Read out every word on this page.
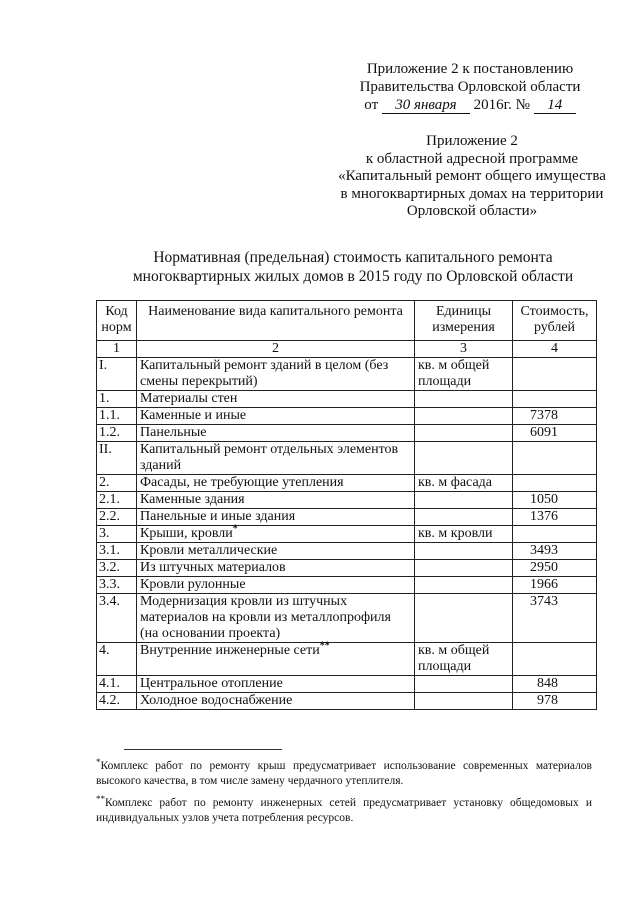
Приложение 2 к постановлению
Правительства Орловской области
от 30 января 2016г. № 14
Приложение 2
к областной адресной программе
«Капитальный ремонт общего имущества
в многоквартирных домах на территории
Орловской области»
Нормативная (предельная) стоимость капитального ремонта
многоквартирных жилых домов в 2015 году по Орловской области
Код норм	Наименование вида капитального ремонта	Единицы измерения	Стоимость, рублей
1	2	3	4
I.	Капитальный ремонт зданий в целом (без смены перекрытий)	кв. м общей площади	
1.	Материалы стен		
1.1.	Каменные и иные		7378
1.2.	Панельные		6091
II.	Капитальный ремонт отдельных элементов зданий		
2.	Фасады, не требующие утепления	кв. м фасада	
2.1.	Каменные здания		1050
2.2.	Панельные и иные здания		1376
3.	Крыши, кровли*	кв. м кровли	
3.1.	Кровли металлические		3493
3.2.	Из штучных материалов		2950
3.3.	Кровли рулонные		1966
3.4.	Модернизация кровли из штучных материалов на кровли из металлопрофиля (на основании проекта)		3743
4.	Внутренние инженерные сети**	кв. м общей площади	
4.1.	Центральное отопление		848
4.2.	Холодное водоснабжение		978

*Комплекс работ по ремонту крыш предусматривает использование современных материалов высокого качества, в том числе замену чердачного утеплителя.

**Комплекс работ по ремонту инженерных сетей предусматривает установку общедомовых и индивидуальных узлов учета потребления ресурсов.
